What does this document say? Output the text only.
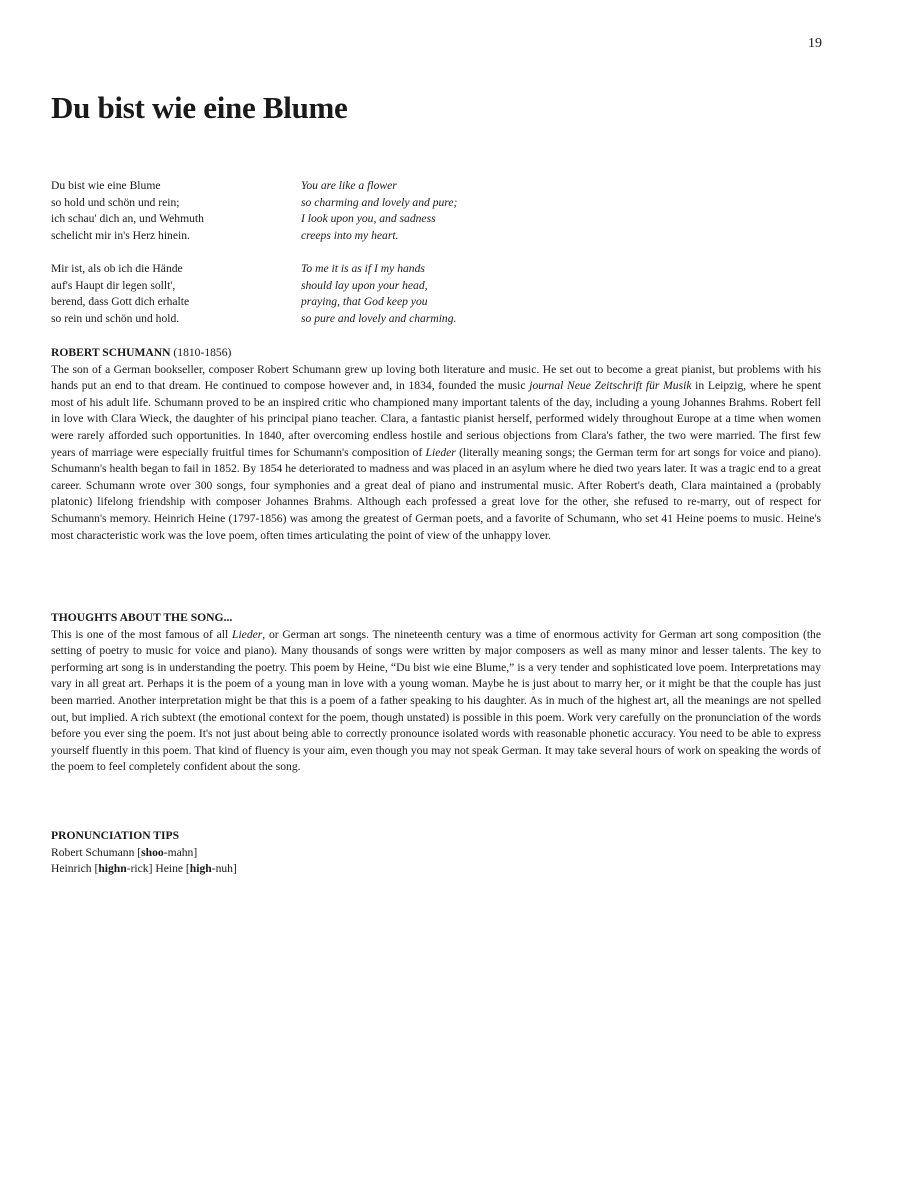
19
Du bist wie eine Blume
Du bist wie eine Blume
so hold und schön und rein;
ich schau' dich an, und Wehmuth
schelicht mir in's Herz hinein.
Mir ist, als ob ich die Hände
auf's Haupt dir legen sollt',
berend, dass Gott dich erhalte
so rein und schön und hold.
You are like a flower
so charming and lovely and pure;
I look upon you, and sadness
creeps into my heart.
To me it is as if I my hands
should lay upon your head,
praying, that God keep you
so pure and lovely and charming.
ROBERT SCHUMANN (1810-1856)

The son of a German bookseller, composer Robert Schumann grew up loving both literature and music. He set out to become a great pianist, but problems with his hands put an end to that dream. He continued to compose however and, in 1834, founded the music journal Neue Zeitschrift für Musik in Leipzig, where he spent most of his adult life. Schumann proved to be an inspired critic who championed many important talents of the day, including a young Johannes Brahms. Robert fell in love with Clara Wieck, the daughter of his principal piano teacher. Clara, a fantastic pianist herself, performed widely throughout Europe at a time when women were rarely afforded such opportunities. In 1840, after overcoming endless hostile and serious objections from Clara's father, the two were married. The first few years of marriage were especially fruitful times for Schumann's composition of Lieder (literally meaning songs; the German term for art songs for voice and piano). Schumann's health began to fail in 1852. By 1854 he deteriorated to madness and was placed in an asylum where he died two years later. It was a tragic end to a great career. Schumann wrote over 300 songs, four symphonies and a great deal of piano and instrumental music. After Robert's death, Clara maintained a (probably platonic) lifelong friendship with composer Johannes Brahms. Although each professed a great love for the other, she refused to re-marry, out of respect for Schumann's memory. Heinrich Heine (1797-1856) was among the greatest of German poets, and a favorite of Schumann, who set 41 Heine poems to music. Heine's most characteristic work was the love poem, often times articulating the point of view of the unhappy lover.

THOUGHTS ABOUT THE SONG...

This is one of the most famous of all Lieder, or German art songs. The nineteenth century was a time of enormous activity for German art song composition (the setting of poetry to music for voice and piano). Many thousands of songs were written by major composers as well as many minor and lesser talents. The key to performing art song is in understanding the poetry. This poem by Heine, “Du bist wie eine Blume,” is a very tender and sophisticated love poem. Interpretations may vary in all great art. Perhaps it is the poem of a young man in love with a young woman. Maybe he is just about to marry her, or it might be that the couple has just been married. Another interpretation might be that this is a poem of a father speaking to his daughter. As in much of the highest art, all the meanings are not spelled out, but implied. A rich subtext (the emotional context for the poem, though unstated) is possible in this poem. Work very carefully on the pronunciation of the words before you ever sing the poem. It's not just about being able to correctly pronounce isolated words with reasonable phonetic accuracy. You need to be able to express yourself fluently in this poem. That kind of fluency is your aim, even though you may not speak German. It may take several hours of work on speaking the words of the poem to feel completely confident about the song.

PRONUNCIATION TIPS
Robert Schumann [shoo-mahn]
Heinrich [highn-rick] Heine [high-nuh]
